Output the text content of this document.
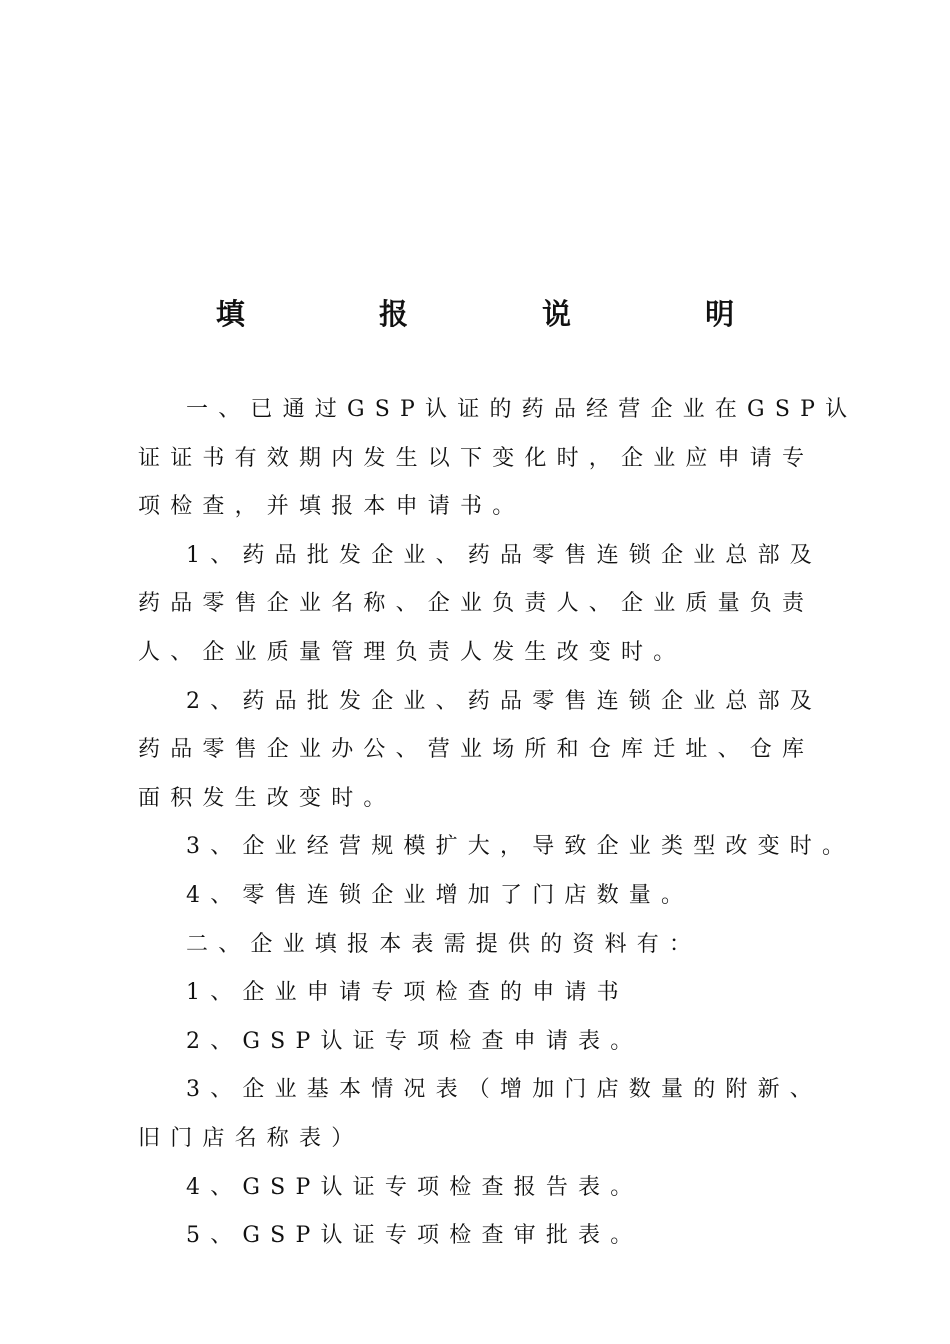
填 报 说 明

一、已通过GSP认证的药品经营企业在GSP认

证证书有效期内发生以下变化时，企业应申请专

项检查，并填报本申请书。

1、药品批发企业、药品零售连锁企业总部及

药品零售企业名称、企业负责人、企业质量负责

人、企业质量管理负责人发生改变时。

2、药品批发企业、药品零售连锁企业总部及

药品零售企业办公、营业场所和仓库迁址、仓库

面积发生改变时。

3、企业经营规模扩大，导致企业类型改变时。

4、零售连锁企业增加了门店数量。

二、企业填报本表需提供的资料有：

1、企业申请专项检查的申请书

2、GSP认证专项检查申请表。

3、企业基本情况表（增加门店数量的附新、

旧门店名称表）

4、GSP认证专项检查报告表。

5、GSP认证专项检查审批表。
